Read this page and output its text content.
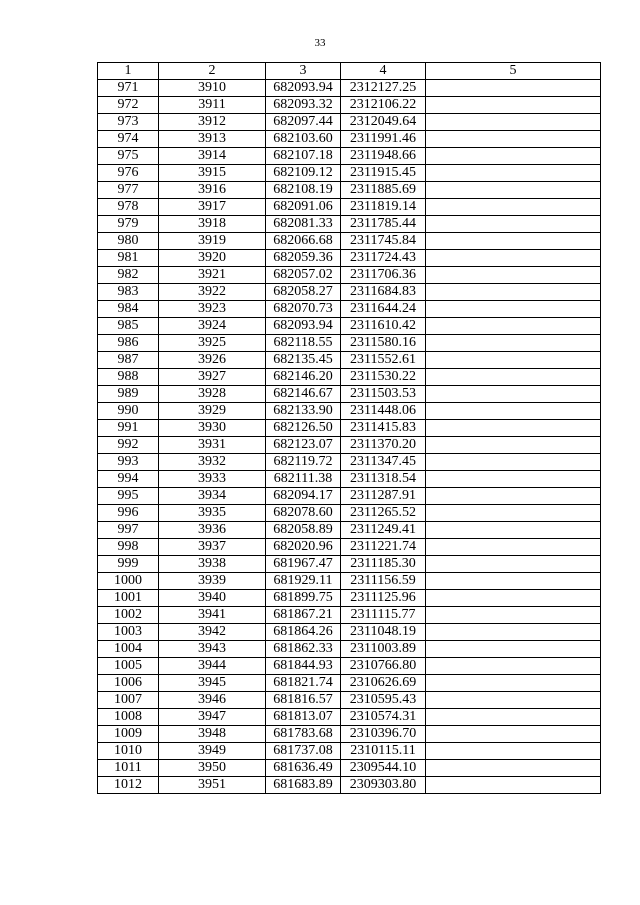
33
1	2	3	4	5
971	3910	682093.94	2312127.25	
972	3911	682093.32	2312106.22	
973	3912	682097.44	2312049.64	
974	3913	682103.60	2311991.46	
975	3914	682107.18	2311948.66	
976	3915	682109.12	2311915.45	
977	3916	682108.19	2311885.69	
978	3917	682091.06	2311819.14	
979	3918	682081.33	2311785.44	
980	3919	682066.68	2311745.84	
981	3920	682059.36	2311724.43	
982	3921	682057.02	2311706.36	
983	3922	682058.27	2311684.83	
984	3923	682070.73	2311644.24	
985	3924	682093.94	2311610.42	
986	3925	682118.55	2311580.16	
987	3926	682135.45	2311552.61	
988	3927	682146.20	2311530.22	
989	3928	682146.67	2311503.53	
990	3929	682133.90	2311448.06	
991	3930	682126.50	2311415.83	
992	3931	682123.07	2311370.20	
993	3932	682119.72	2311347.45	
994	3933	682111.38	2311318.54	
995	3934	682094.17	2311287.91	
996	3935	682078.60	2311265.52	
997	3936	682058.89	2311249.41	
998	3937	682020.96	2311221.74	
999	3938	681967.47	2311185.30	
1000	3939	681929.11	2311156.59	
1001	3940	681899.75	2311125.96	
1002	3941	681867.21	2311115.77	
1003	3942	681864.26	2311048.19	
1004	3943	681862.33	2311003.89	
1005	3944	681844.93	2310766.80	
1006	3945	681821.74	2310626.69	
1007	3946	681816.57	2310595.43	
1008	3947	681813.07	2310574.31	
1009	3948	681783.68	2310396.70	
1010	3949	681737.08	2310115.11	
1011	3950	681636.49	2309544.10	
1012	3951	681683.89	2309303.80	
